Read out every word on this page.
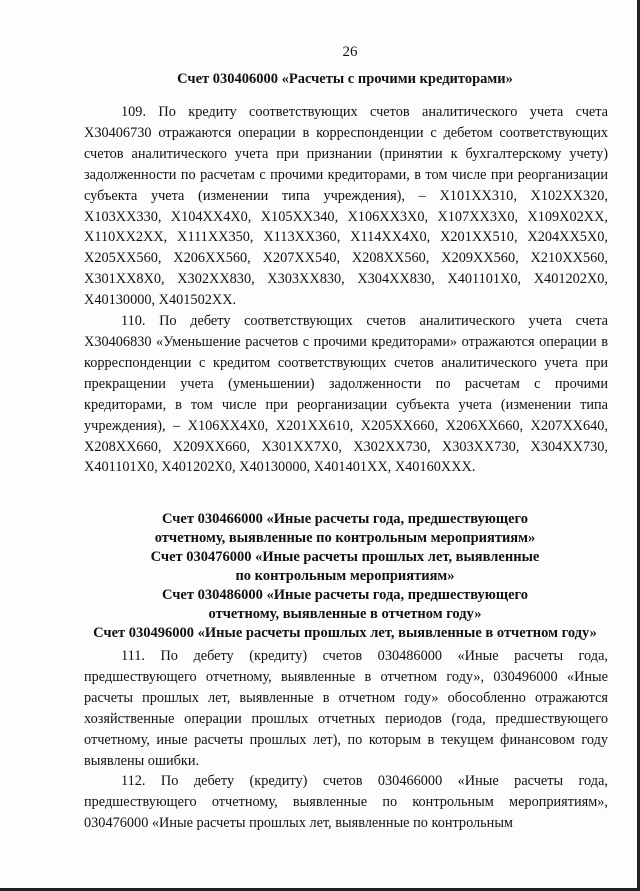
26
Счет 030406000 «Расчеты с прочими кредиторами»

109. По кредиту соответствующих счетов аналитического учета счета Х30406730 отражаются операции в корреспонденции с дебетом соответствующих счетов аналитического учета при признании (принятии к бухгалтерскому учету) задолженности по расчетам с прочими кредиторами, в том числе при реорганизации субъекта учета (изменении типа учреждения), – Х101ХХ310, Х102ХХ320, Х103ХХ330, Х104ХХ4Х0, Х105ХХ340, Х106ХХ3Х0, Х107ХХ3Х0, Х109Х02ХХ, Х110ХХ2ХХ, Х111ХХ350, Х113ХХ360, Х114ХХ4Х0, Х201ХХ510, Х204ХХ5Х0, Х205ХХ560, Х206ХХ560, Х207ХХ540, Х208ХХ560, Х209ХХ560, Х210ХХ560, Х301ХХ8Х0, Х302ХХ830, Х303ХХ830, Х304ХХ830, Х401101Х0, Х401202Х0, Х40130000, Х401502ХХ.

110. По дебету соответствующих счетов аналитического учета счета Х30406830 «Уменьшение расчетов с прочими кредиторами» отражаются операции в корреспонденции с кредитом соответствующих счетов аналитического учета при прекращении учета (уменьшении) задолженности по расчетам с прочими кредиторами, в том числе при реорганизации субъекта учета (изменении типа учреждения), – Х106ХХ4Х0, Х201ХХ610, Х205ХХ660, Х206ХХ660, Х207ХХ640, Х208ХХ660, Х209ХХ660, Х301ХХ7Х0, Х302ХХ730, Х303ХХ730, Х304ХХ730, Х401101Х0, Х401202Х0, Х40130000, Х401401ХХ, Х40160ХХХ.

Счет 030466000 «Иные расчеты года, предшествующего
отчетному, выявленные по контрольным мероприятиям»
Счет 030476000 «Иные расчеты прошлых лет, выявленные
по контрольным мероприятиям»
Счет 030486000 «Иные расчеты года, предшествующего
отчетному, выявленные в отчетном году»
Счет 030496000 «Иные расчеты прошлых лет, выявленные в отчетном году»

111. По дебету (кредиту) счетов 030486000 «Иные расчеты года, предшествующего отчетному, выявленные в отчетном году», 030496000 «Иные расчеты прошлых лет, выявленные в отчетном году» обособленно отражаются хозяйственные операции прошлых отчетных периодов (года, предшествующего отчетному, иные расчеты прошлых лет), по которым в текущем финансовом году выявлены ошибки.

112. По дебету (кредиту) счетов 030466000 «Иные расчеты года, предшествующего отчетному, выявленные по контрольным мероприятиям», 030476000 «Иные расчеты прошлых лет, выявленные по контрольным
